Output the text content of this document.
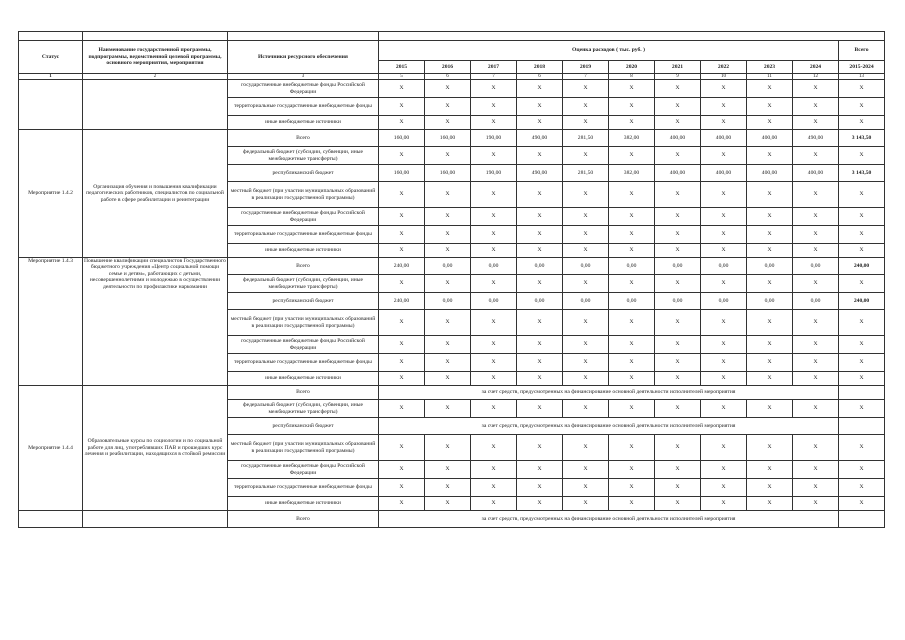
Статус	Наименование государственной программы, подпрограммы, ведомственной целевой программы, основного мероприятия, мероприятия	Источники ресурсного обеспечения	Оценка расходов ( тыс. руб. )										Всего
			2015	2016	2017	2018	2019	2020	2021	2022	2023	2024	2015-2024
1	2	3	5	6	7	6	7	8	9	10	11	12	13
		государственные внебюджетные фонды Российской Федерации	X	X	X	X	X	X	X	X	X	X	X
		территориальные государственные внебюджетные фонды	X	X	X	X	X	X	X	X	X	X	X
		иные внебюджетные источники	X	X	X	X	X	X	X	X	X	X	X
Мероприятие 1.4.2	Организация обучения и повышения квалификации педагогических работников, специалистов по социальной работе в сфере реабилитации и реинтеграции	Всего	160,00	160,00	190,00	490,00	281,50	382,00	400,00	400,00	400,00	490,00	3 143,50
		федеральный бюджет (субсидии, субвенции, иные межбюджетные трансферты)	X	X	X	X	X	X	X	X	X	X	X
		республиканский бюджет	160,00	160,00	190,00	490,00	281,50	382,00	400,00	400,00	400,00	400,00	3 143,50
		местный бюджет (при участии муниципальных образований в реализации государственной программы)	X	X	X	X	X	X	X	X	X	X	X
		государственные внебюджетные фонды Российской Федерации	X	X	X	X	X	X	X	X	X	X	X
		территориальные государственные внебюджетные фонды	X	X	X	X	X	X	X	X	X	X	X
		иные внебюджетные источники	X	X	X	X	X	X	X	X	X	X	X
Мероприятие 1.4.3	Повышение квалификации специалистов Государственного бюджетного учреждения «Центр социальной помощи семье и детям», работающих с детьми, несовершеннолетними и молодежью в осуществлении деятельности по профилактике наркомании	Всего	240,00	0,00	0,00	0,00	0,00	0,00	0,00	0,00	0,00	0,00	240,00
		федеральный бюджет (субсидии, субвенции, иные межбюджетные трансферты)	X	X	X	X	X	X	X	X	X	X	X
		республиканский бюджет	240,00	0,00	0,00	0,00	0,00	0,00	0,00	0,00	0,00	0,00	240,00
		местный бюджет (при участии муниципальных образований в реализации государственной программы)	X	X	X	X	X	X	X	X	X	X	X
		государственные внебюджетные фонды Российской Федерации	X	X	X	X	X	X	X	X	X	X	X
		территориальные государственные внебюджетные фонды	X	X	X	X	X	X	X	X	X	X	X
		иные внебюджетные источники	X	X	X	X	X	X	X	X	X	X	X
Мероприятие 1.4.4	Образовательные курсы по социологии и по социальной работе для лиц, употреблявших ПАВ и прошедших курс лечения и реабилитации, находящихся в стойкой ремиссии	Всего	за счет средств, предусмотренных на финансирование основной деятельности исполнителей мероприятия										
		федеральный бюджет (субсидии, субвенции, иные межбюджетные трансферты)	X	X	X	X	X	X	X	X	X	X	X
		республиканский бюджет	за счет средств, предусмотренных на финансирование основной деятельности исполнителей мероприятия										
		местный бюджет (при участии муниципальных образований в реализации государственной программы)	X	X	X	X	X	X	X	X	X	X	X
		государственные внебюджетные фонды Российской Федерации	X	X	X	X	X	X	X	X	X	X	X
		территориальные государственные внебюджетные фонды	X	X	X	X	X	X	X	X	X	X	X
		иные внебюджетные источники	X	X	X	X	X	X	X	X	X	X	X
		Всего	за счет средств, предусмотренных на финансирование основной деятельности исполнителей мероприятия										
